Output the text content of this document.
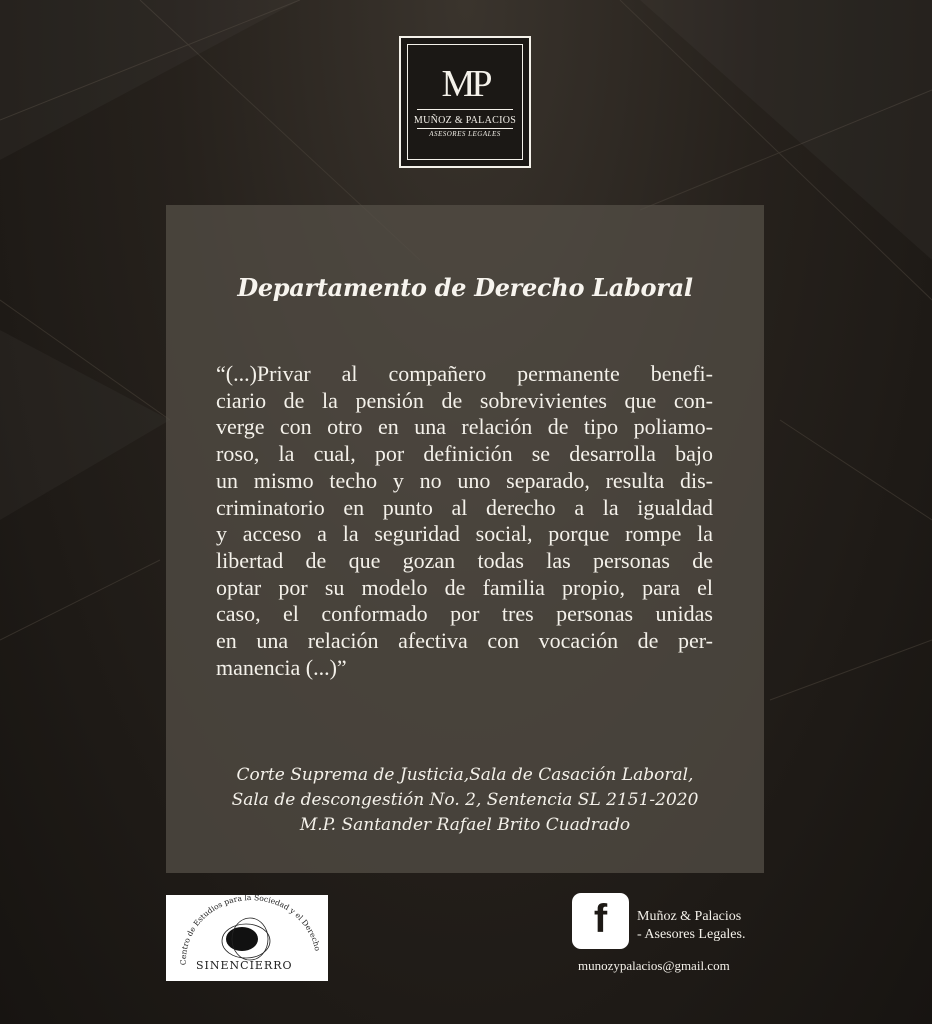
MP
MUÑOZ & PALACIOS
ASESORES LEGALES
Departamento de Derecho Laboral
“(...)Privar al compañero permanente benefi-
ciario de la pensión de sobrevivientes que con-
verge con otro en una relación de tipo poliamo-
roso, la cual, por definición se desarrolla bajo
un mismo techo y no uno separado, resulta dis-
criminatorio en punto al derecho a la igualdad
y acceso a la seguridad social, porque rompe la
libertad de que gozan todas las personas de
optar por su modelo de familia propio, para el
caso, el conformado por tres personas unidas
en una relación afectiva con vocación de per-
manencia (...)”
Corte Suprema de Justicia,Sala de Casación Laboral,
Sala de descongestión No. 2, Sentencia SL 2151-2020
M.P. Santander Rafael Brito Cuadrado
Centro de Estudios para la Sociedad y el Derecho
SINENCIERRO
f	Muñoz & Palacios
- Asesores Legales.
munozypalacios@gmail.com
